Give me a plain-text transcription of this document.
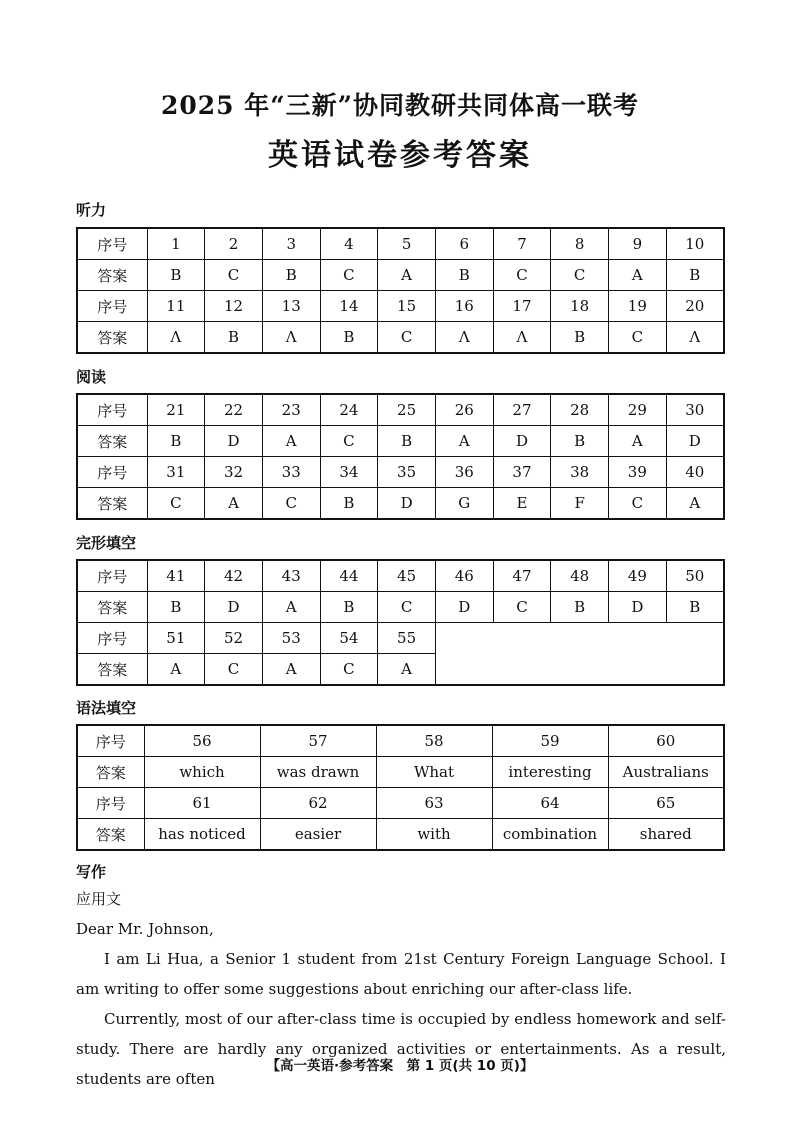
2025 年“三新”协同教研共同体高一联考
英语试卷参考答案
听力
序号	1	2	3	4	5	6	7	8	9	10
答案	B	C	B	C	A	B	C	C	A	B
序号	11	12	13	14	15	16	17	18	19	20
答案	Λ	B	Λ	B	C	Λ	Λ	B	C	Λ
阅读
序号	21	22	23	24	25	26	27	28	29	30
答案	B	D	A	C	B	A	D	B	A	D
序号	31	32	33	34	35	36	37	38	39	40
答案	C	A	C	B	D	G	E	F	C	A
完形填空
序号	41	42	43	44	45	46	47	48	49	50
答案	B	D	A	B	C	D	C	B	D	B
序号	51	52	53	54	55					
答案	A	C	A	C	A					
语法填空
序号	56	57	58	59	60
答案	which	was drawn	What	interesting	Australians
序号	61	62	63	64	65
答案	has noticed	easier	with	combination	shared
写作

应用文

Dear Mr. Johnson,

I am Li Hua, a Senior 1 student from 21st Century Foreign Language School. I am writing to offer some suggestions about enriching our after-class life.

Currently, most of our after-class time is occupied by endless homework and self-study. There are hardly any organized activities or entertainments. As a result, students are often

【高一英语·参考答案　第 1 页(共 10 页)】
